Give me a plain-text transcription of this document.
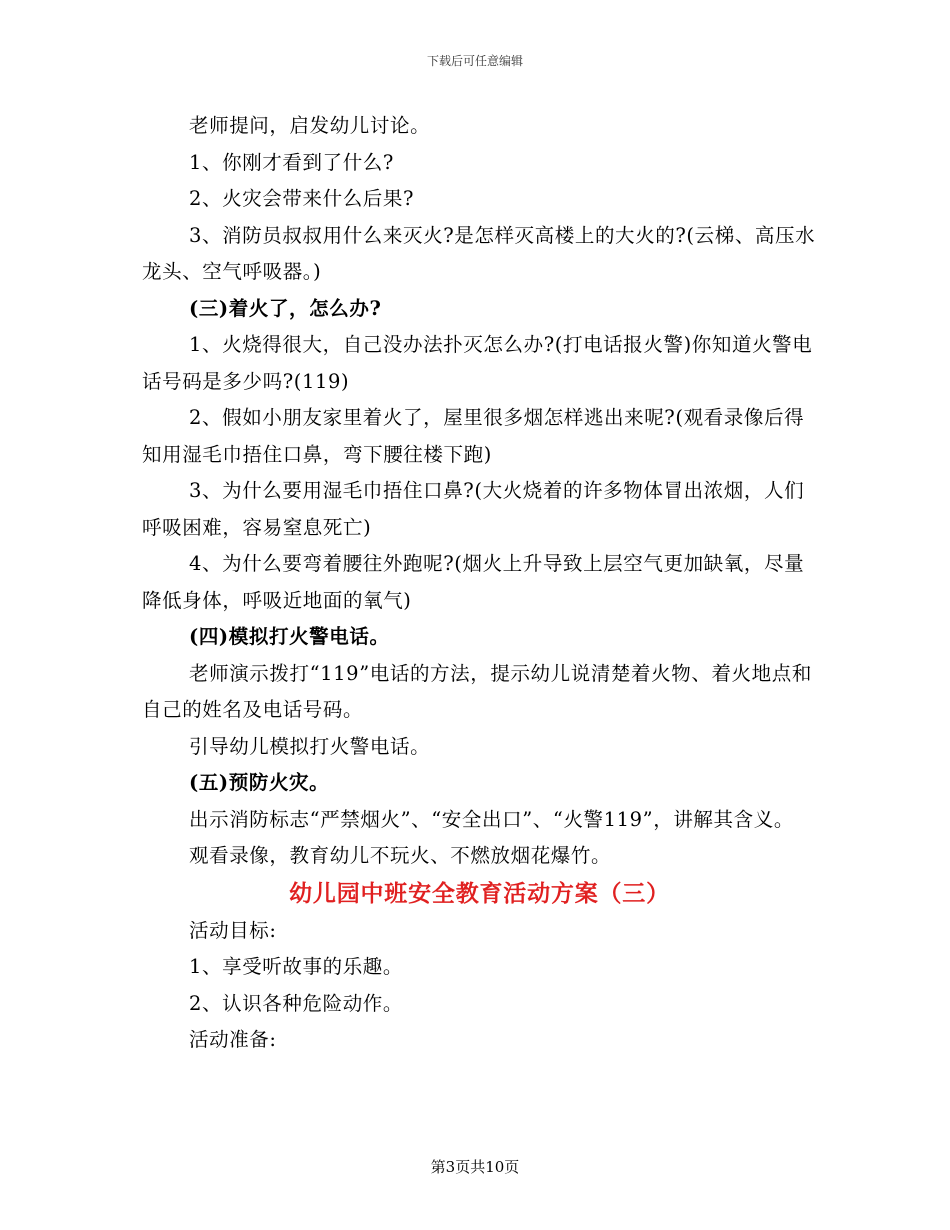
下载后可任意编辑

老师提问，启发幼儿讨论。

1、你刚才看到了什么?

2、火灾会带来什么后果?

3、消防员叔叔用什么来灭火?是怎样灭高楼上的大火的?(云梯、高压水龙头、空气呼吸器。)

(三)着火了，怎么办?

1、火烧得很大，自己没办法扑灭怎么办?(打电话报火警)你知道火警电话号码是多少吗?(119)

2、假如小朋友家里着火了，屋里很多烟怎样逃出来呢?(观看录像后得知用湿毛巾捂住口鼻，弯下腰往楼下跑)

3、为什么要用湿毛巾捂住口鼻?(大火烧着的许多物体冒出浓烟，人们呼吸困难，容易窒息死亡)

4、为什么要弯着腰往外跑呢?(烟火上升导致上层空气更加缺氧，尽量降低身体，呼吸近地面的氧气)

(四)模拟打火警电话。

老师演示拨打“119”电话的方法，提示幼儿说清楚着火物、着火地点和自己的姓名及电话号码。

引导幼儿模拟打火警电话。

(五)预防火灾。

出示消防标志“严禁烟火”、“安全出口”、“火警119”，讲解其含义。

观看录像，教育幼儿不玩火、不燃放烟花爆竹。

幼儿园中班安全教育活动方案（三）

活动目标:

1、享受听故事的乐趣。

2、认识各种危险动作。

活动准备:

第3页共10页
